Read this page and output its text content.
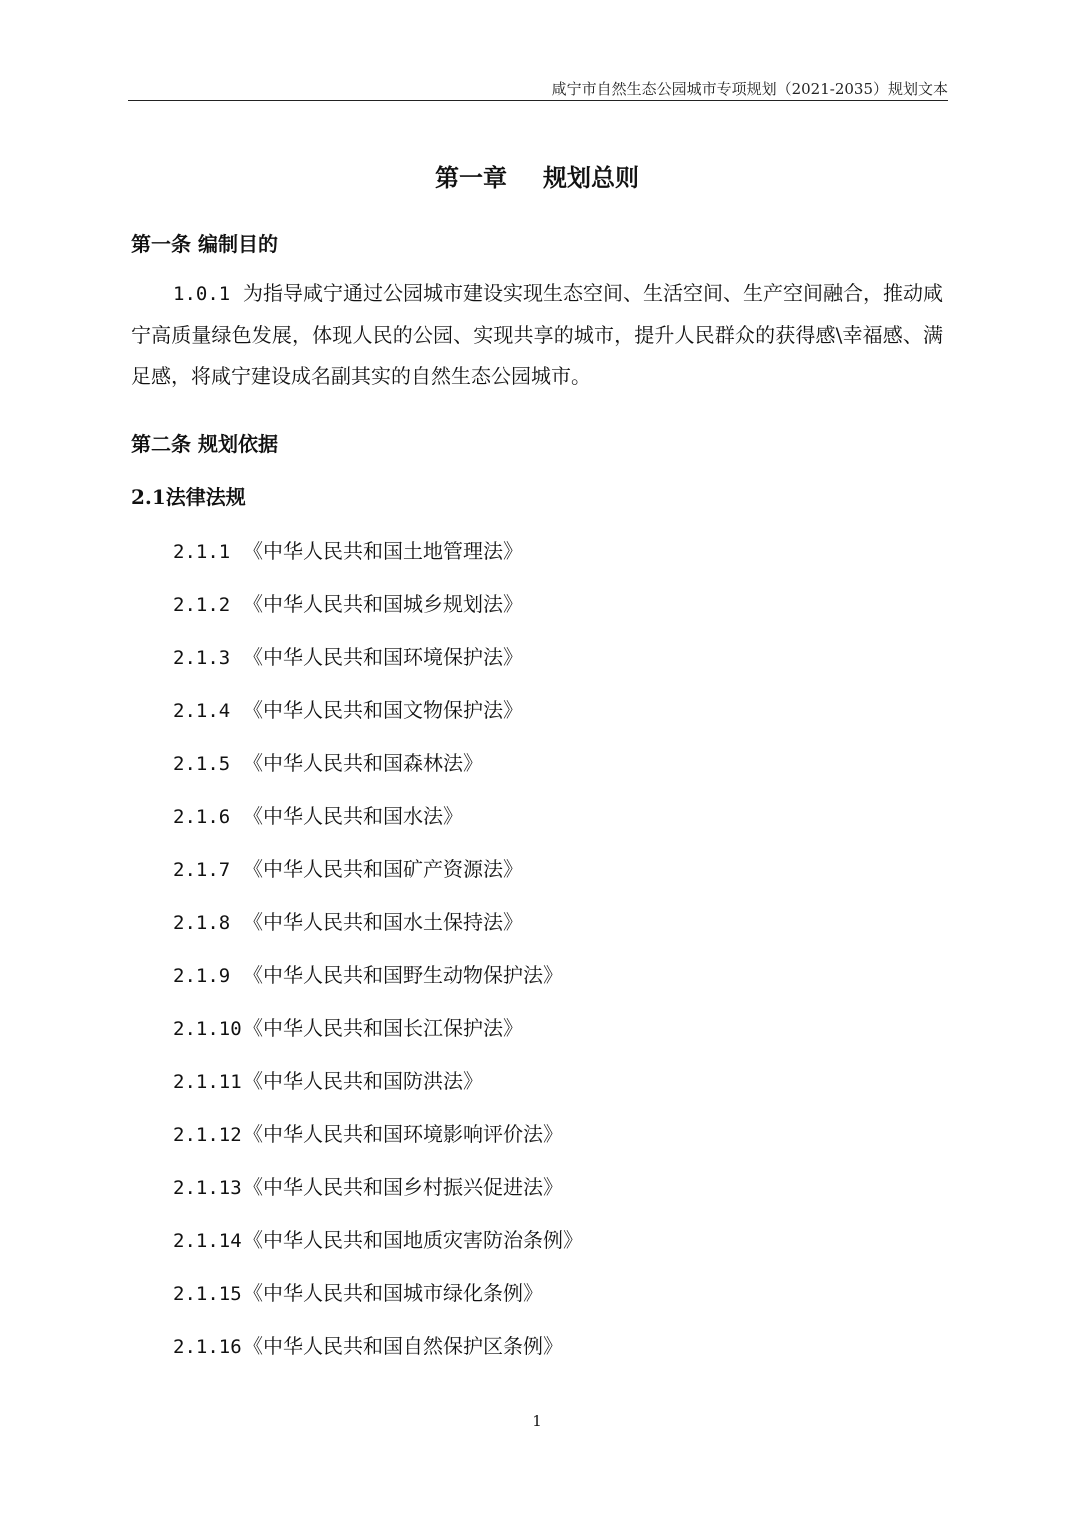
咸宁市自然生态公园城市专项规划（2021-2035）规划文本
第一章 规划总则
第一条 编制目的
1.0.1 为指导咸宁通过公园城市建设实现生态空间、生活空间、生产空间融合，推动咸宁高质量绿色发展，体现人民的公园、实现共享的城市，提升人民群众的获得感\幸福感、满足感，将咸宁建设成名副其实的自然生态公园城市。
第二条 规划依据
2.1法律法规
2.1.1 《中华人民共和国土地管理法》
2.1.2 《中华人民共和国城乡规划法》
2.1.3 《中华人民共和国环境保护法》
2.1.4 《中华人民共和国文物保护法》
2.1.5 《中华人民共和国森林法》
2.1.6 《中华人民共和国水法》
2.1.7 《中华人民共和国矿产资源法》
2.1.8 《中华人民共和国水土保持法》
2.1.9 《中华人民共和国野生动物保护法》
2.1.10《中华人民共和国长江保护法》
2.1.11《中华人民共和国防洪法》
2.1.12《中华人民共和国环境影响评价法》
2.1.13《中华人民共和国乡村振兴促进法》
2.1.14《中华人民共和国地质灾害防治条例》
2.1.15《中华人民共和国城市绿化条例》
2.1.16《中华人民共和国自然保护区条例》
1
